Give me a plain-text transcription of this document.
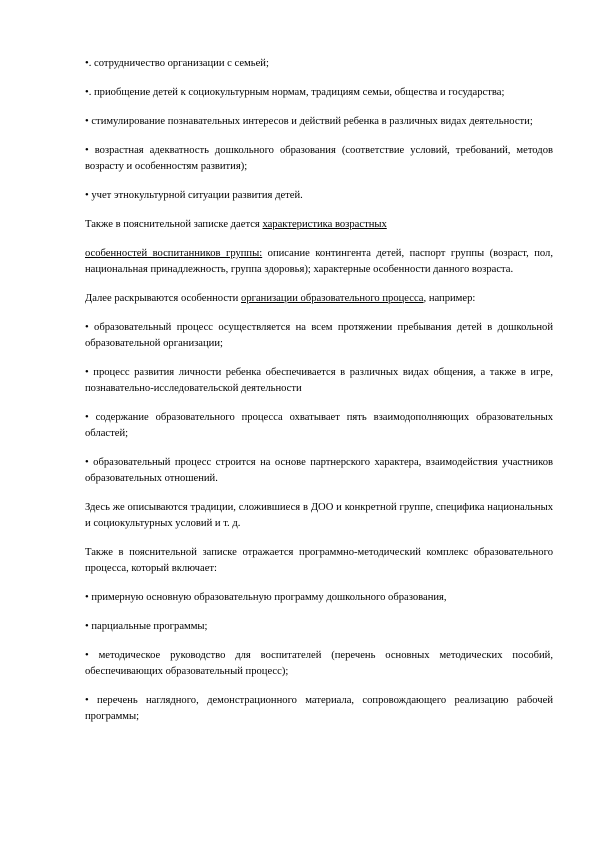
•. сотрудничество организации с семьей;

•. приобщение детей к социокультурным нормам, традициям семьи, общества и государства;

• стимулирование познавательных интересов и действий ребенка в различных видах деятельности;

• возрастная адекватность дошкольного образования (соответствие условий, требований, методов возрасту и особенностям развития);

• учет этнокультурной ситуации развития детей.

Также в пояснительной записке дается характеристика возрастных

особенностей воспитанников группы: описание контингента детей, паспорт группы (возраст, пол, национальная принадлежность, группа здоровья); характерные особенности данного возраста.

Далее раскрываются особенности организации образовательного процесса, например:

• образовательный процесс осуществляется на всем протяжении пребывания детей в дошкольной образовательной организации;

• процесс развития личности ребенка обеспечивается в различных видах общения, а также в игре, познавательно-исследовательской деятельности

• содержание образовательного процесса охватывает пять взаимодополняющих образовательных областей;

• образовательный процесс строится на основе партнерского характера, взаимодействия участников образовательных отношений.

Здесь же описываются традиции, сложившиеся в ДОО и конкретной группе, специфика национальных и социокультурных условий и т. д.

Также в пояснительной записке отражается программно-методический комплекс образовательного процесса, который включает:

• примерную основную образовательную программу дошкольного образования,

• парциальные программы;

• методическое руководство для воспитателей (перечень основных методических пособий, обеспечивающих образовательный процесс);

• перечень наглядного, демонстрационного материала, сопровождающего реализацию рабочей программы;
